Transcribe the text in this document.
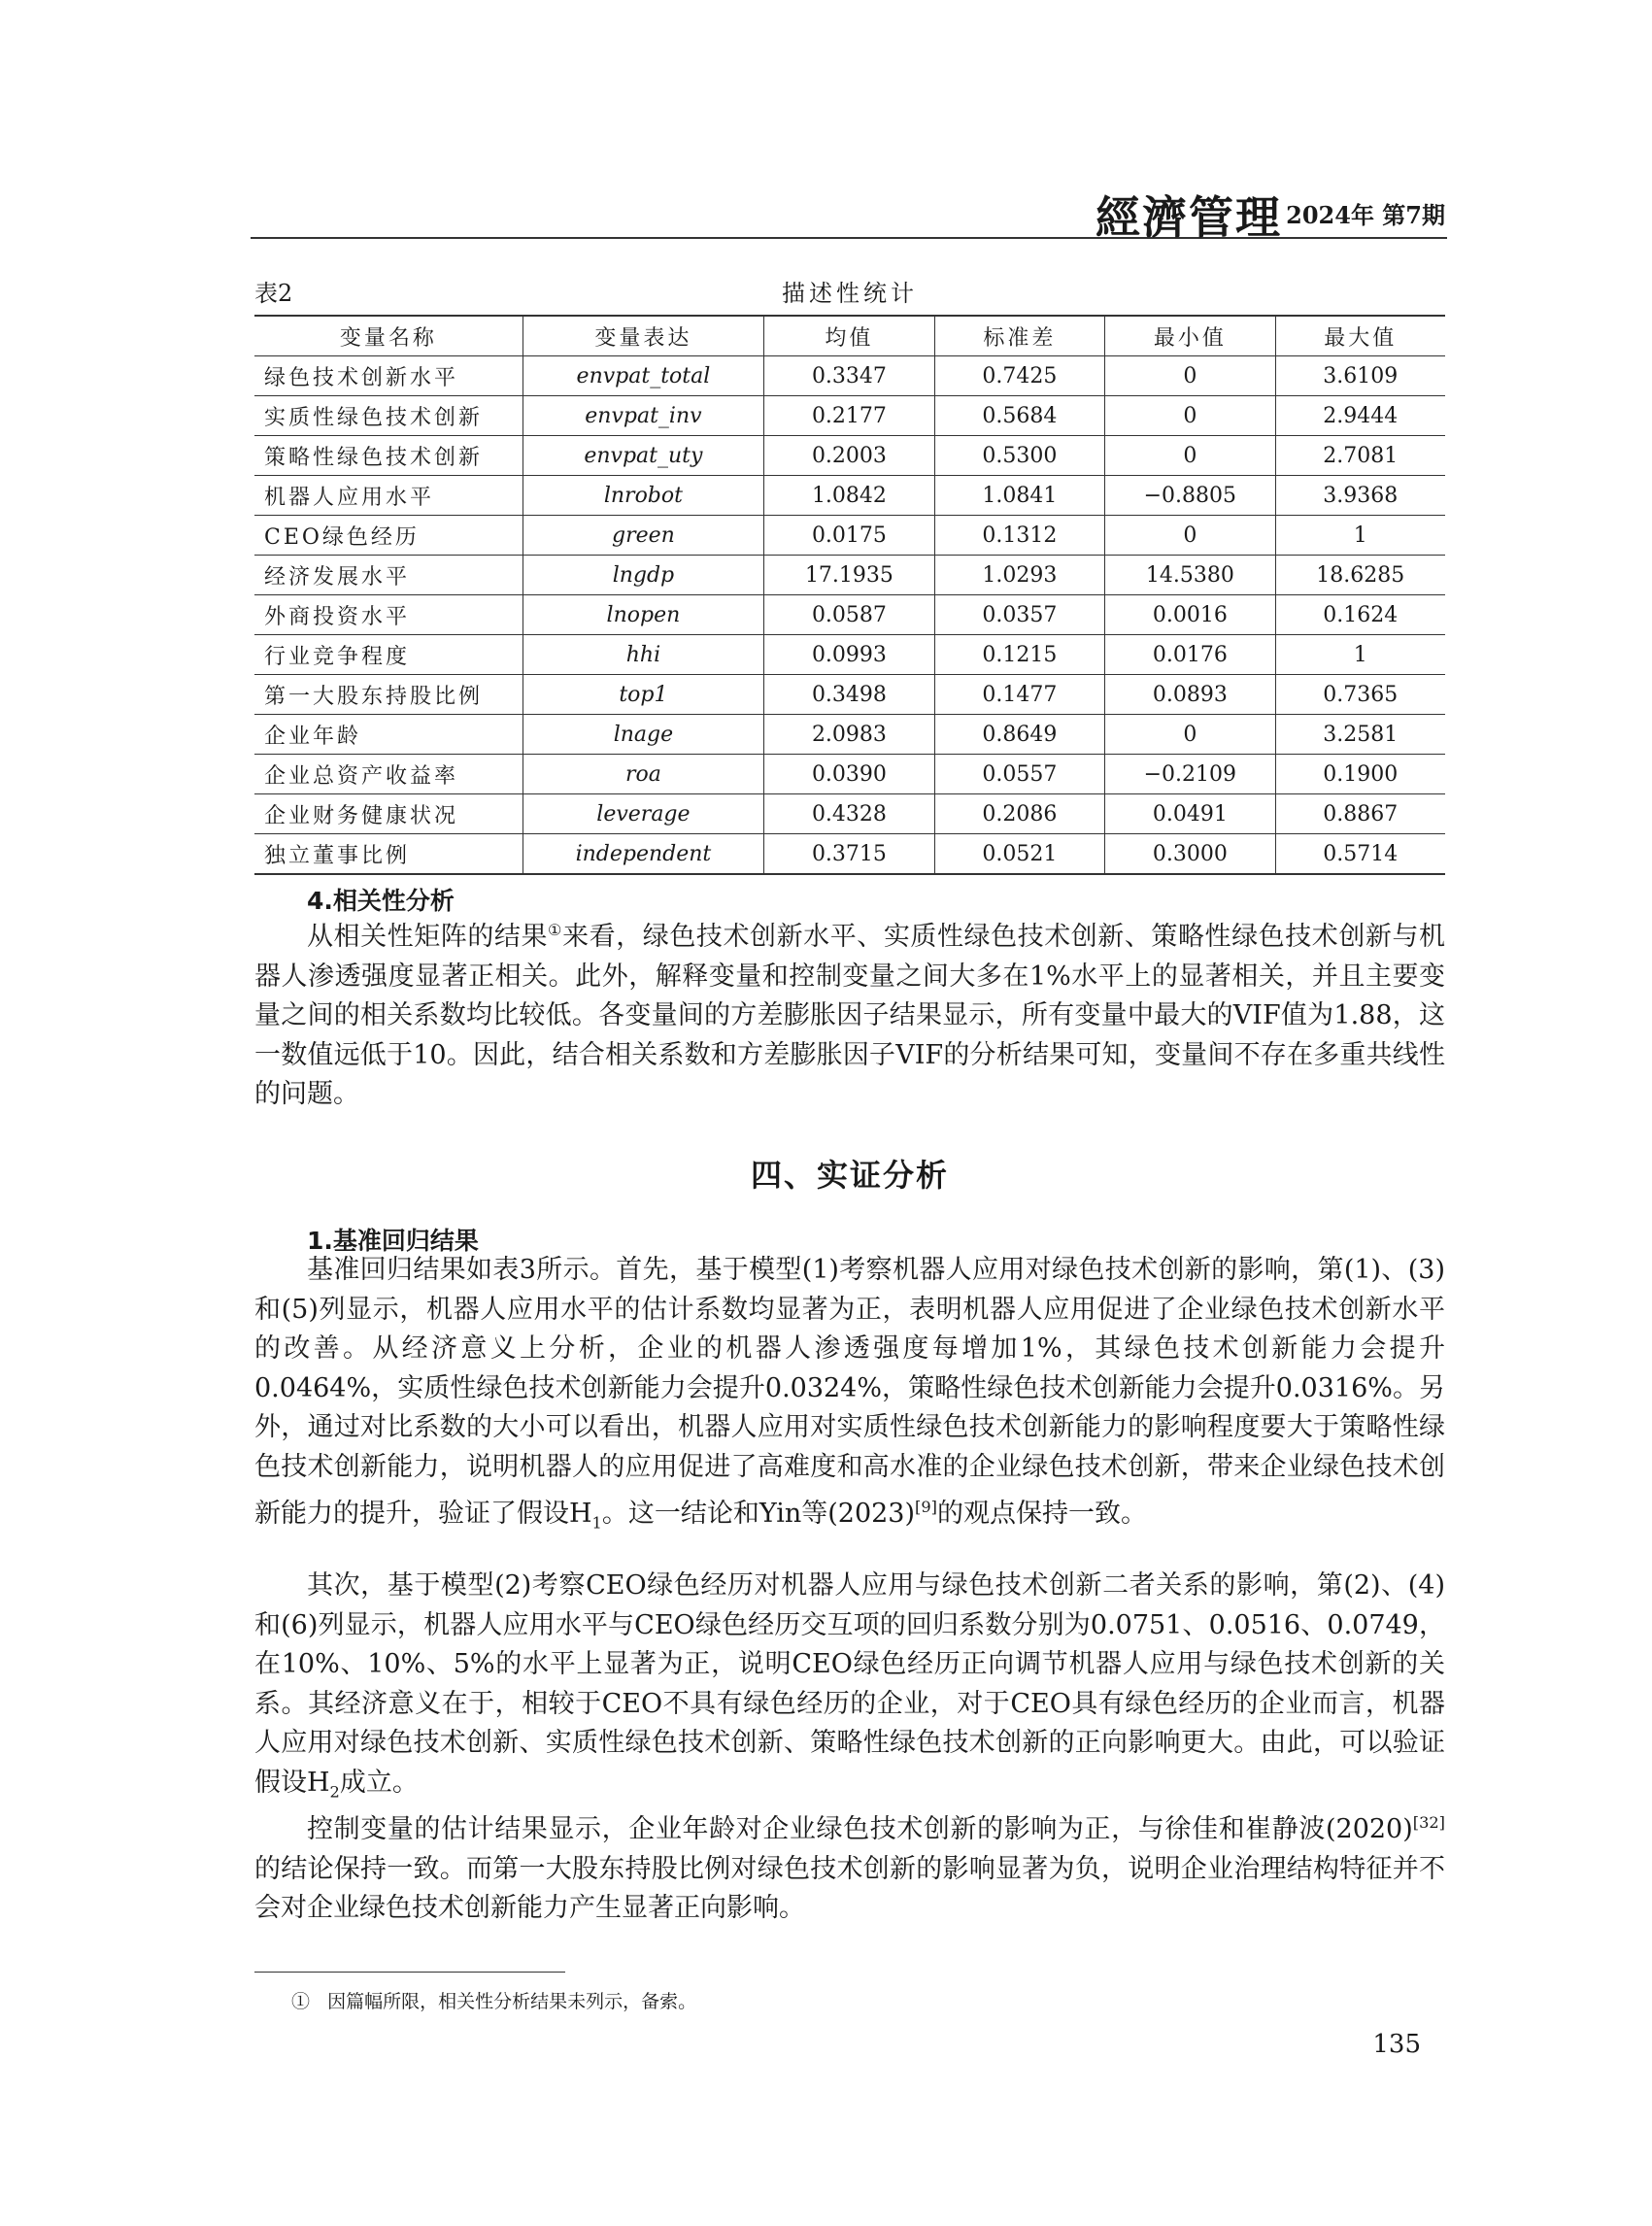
經濟管理 2024年 第7期
表2	描述性统计
变量名称	变量表达	均值	标准差	最小值	最大值
绿色技术创新水平	envpat_total	0.3347	0.7425	0	3.6109
实质性绿色技术创新	envpat_inv	0.2177	0.5684	0	2.9444
策略性绿色技术创新	envpat_uty	0.2003	0.5300	0	2.7081
机器人应用水平	lnrobot	1.0842	1.0841	−0.8805	3.9368
CEO绿色经历	green	0.0175	0.1312	0	1
经济发展水平	lngdp	17.1935	1.0293	14.5380	18.6285
外商投资水平	lnopen	0.0587	0.0357	0.0016	0.1624
行业竞争程度	hhi	0.0993	0.1215	0.0176	1
第一大股东持股比例	top1	0.3498	0.1477	0.0893	0.7365
企业年龄	lnage	2.0983	0.8649	0	3.2581
企业总资产收益率	roa	0.0390	0.0557	−0.2109	0.1900
企业财务健康状况	leverage	0.4328	0.2086	0.0491	0.8867
独立董事比例	independent	0.3715	0.0521	0.3000	0.5714
4.相关性分析

从相关性矩阵的结果①来看，绿色技术创新水平、实质性绿色技术创新、策略性绿色技术创新与机器人渗透强度显著正相关。此外，解释变量和控制变量之间大多在1%水平上的显著相关，并且主要变量之间的相关系数均比较低。各变量间的方差膨胀因子结果显示，所有变量中最大的VIF值为1.88，这一数值远低于10。因此，结合相关系数和方差膨胀因子VIF的分析结果可知，变量间不存在多重共线性的问题。

四、实证分析
1.基准回归结果

基准回归结果如表3所示。首先，基于模型(1)考察机器人应用对绿色技术创新的影响，第(1)、(3)和(5)列显示，机器人应用水平的估计系数均显著为正，表明机器人应用促进了企业绿色技术创新水平的改善。从经济意义上分析，企业的机器人渗透强度每增加1%，其绿色技术创新能力会提升0.0464%，实质性绿色技术创新能力会提升0.0324%，策略性绿色技术创新能力会提升0.0316%。另外，通过对比系数的大小可以看出，机器人应用对实质性绿色技术创新能力的影响程度要大于策略性绿色技术创新能力，说明机器人的应用促进了高难度和高水准的企业绿色技术创新，带来企业绿色技术创新能力的提升，验证了假设$H_1$。这一结论和Yin等(2023)[9]的观点保持一致。

其次，基于模型(2)考察CEO绿色经历对机器人应用与绿色技术创新二者关系的影响，第(2)、(4)和(6)列显示，机器人应用水平与CEO绿色经历交互项的回归系数分别为0.0751、0.0516、0.0749，在10%、10%、5%的水平上显著为正，说明CEO绿色经历正向调节机器人应用与绿色技术创新的关系。其经济意义在于，相较于CEO不具有绿色经历的企业，对于CEO具有绿色经历的企业而言，机器人应用对绿色技术创新、实质性绿色技术创新、策略性绿色技术创新的正向影响更大。由此，可以验证假设$H_2$成立。

控制变量的估计结果显示，企业年龄对企业绿色技术创新的影响为正，与徐佳和崔静波(2020)[32]的结论保持一致。而第一大股东持股比例对绿色技术创新的影响显著为负，说明企业治理结构特征并不会对企业绿色技术创新能力产生显著正向影响。

① 因篇幅所限，相关性分析结果未列示，备索。
135
